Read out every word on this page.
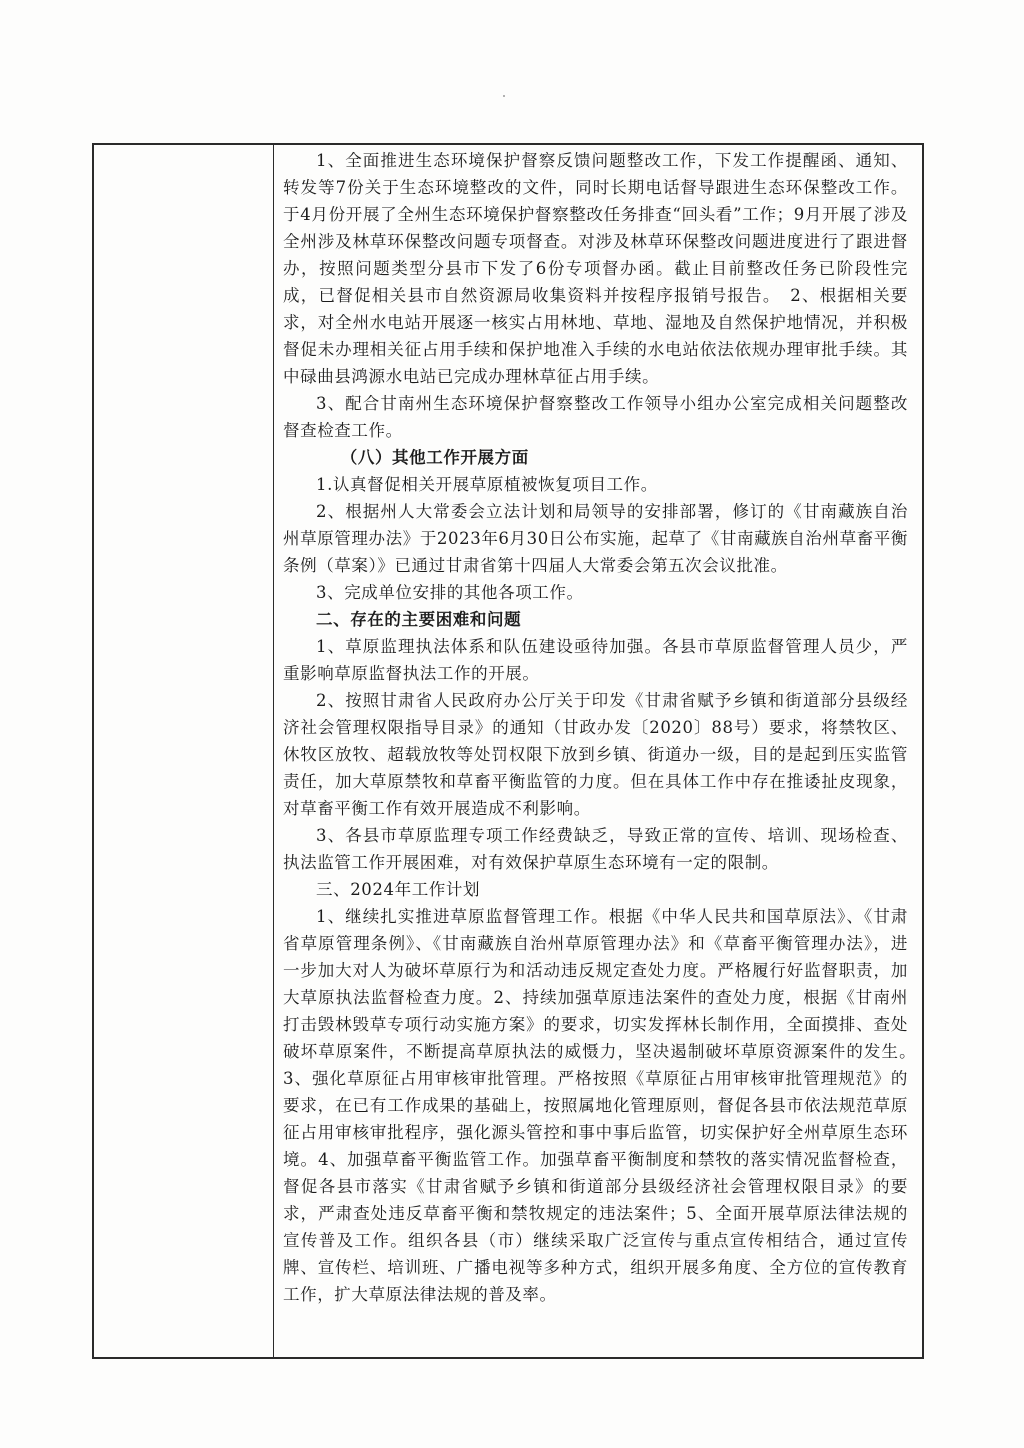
1、全面推进生态环境保护督察反馈问题整改工作，下发工作提醒函、通知、转发等7份关于生态环境整改的文件，同时长期电话督导跟进生态环保整改工作。于4月份开展了全州生态环境保护督察整改任务排查“回头看”工作；9月开展了涉及全州涉及林草环保整改问题专项督查。对涉及林草环保整改问题进度进行了跟进督办，按照问题类型分县市下发了6份专项督办函。截止目前整改任务已阶段性完成，已督促相关县市自然资源局收集资料并按程序报销号报告。　2、根据相关要求，对全州水电站开展逐一核实占用林地、草地、湿地及自然保护地情况，并积极督促未办理相关征占用手续和保护地准入手续的水电站依法依规办理审批手续。其中碌曲县鸿源水电站已完成办理林草征占用手续。

3、配合甘南州生态环境保护督察整改工作领导小组办公室完成相关问题整改督查检查工作。

（八）其他工作开展方面

1.认真督促相关开展草原植被恢复项目工作。

2、根据州人大常委会立法计划和局领导的安排部署，修订的《甘南藏族自治州草原管理办法》于2023年6月30日公布实施，起草了《甘南藏族自治州草畜平衡条例（草案）》已通过甘肃省第十四届人大常委会第五次会议批准。

3、完成单位安排的其他各项工作。

二、存在的主要困难和问题

1、草原监理执法体系和队伍建设亟待加强。各县市草原监督管理人员少，严重影响草原监督执法工作的开展。

2、按照甘肃省人民政府办公厅关于印发《甘肃省赋予乡镇和街道部分县级经济社会管理权限指导目录》的通知（甘政办发〔2020〕88号）要求，将禁牧区、休牧区放牧、超载放牧等处罚权限下放到乡镇、街道办一级，目的是起到压实监管责任，加大草原禁牧和草畜平衡监管的力度。但在具体工作中存在推诿扯皮现象，对草畜平衡工作有效开展造成不利影响。

3、各县市草原监理专项工作经费缺乏，导致正常的宣传、培训、现场检查、执法监管工作开展困难，对有效保护草原生态环境有一定的限制。

三、2024年工作计划

1、继续扎实推进草原监督管理工作。根据《中华人民共和国草原法》、《甘肃省草原管理条例》、《甘南藏族自治州草原管理办法》和《草畜平衡管理办法》，进一步加大对人为破坏草原行为和活动违反规定查处力度。严格履行好监督职责，加大草原执法监督检查力度。2、持续加强草原违法案件的查处力度，根据《甘南州打击毁林毁草专项行动实施方案》的要求，切实发挥林长制作用，全面摸排、查处破坏草原案件，不断提高草原执法的威慑力，坚决遏制破坏草原资源案件的发生。　3、强化草原征占用审核审批管理。严格按照《草原征占用审核审批管理规范》的要求，在已有工作成果的基础上，按照属地化管理原则，督促各县市依法规范草原征占用审核审批程序，强化源头管控和事中事后监管，切实保护好全州草原生态环境。4、加强草畜平衡监管工作。加强草畜平衡制度和禁牧的落实情况监督检查，督促各县市落实《甘肃省赋予乡镇和街道部分县级经济社会管理权限目录》的要求，严肃查处违反草畜平衡和禁牧规定的违法案件；5、全面开展草原法律法规的宣传普及工作。组织各县（市）继续采取广泛宣传与重点宣传相结合，通过宣传牌、宣传栏、培训班、广播电视等多种方式，组织开展多角度、全方位的宣传教育工作，扩大草原法律法规的普及率。
